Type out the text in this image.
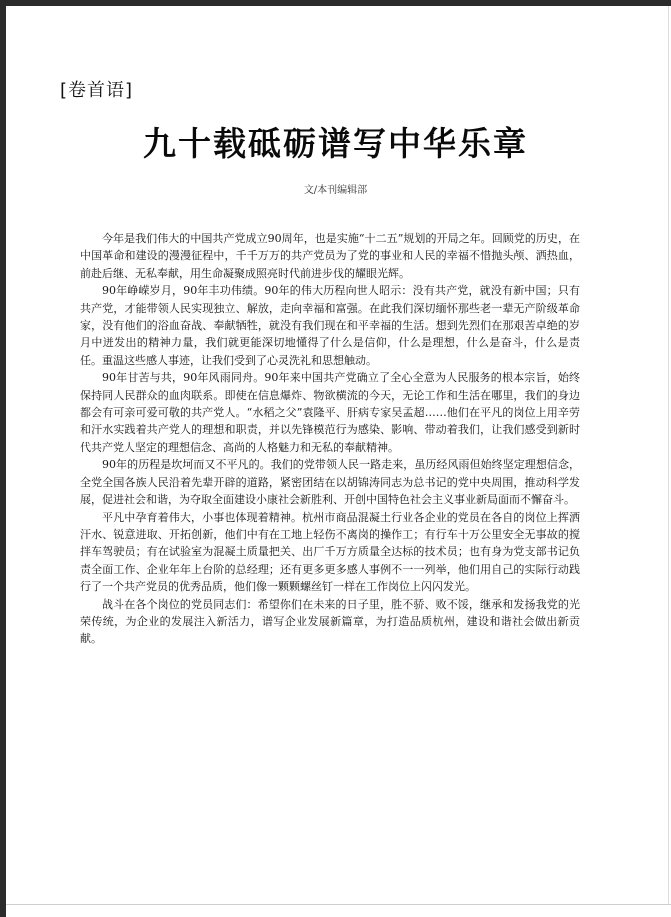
[卷首语]
九十载砥砺谱写中华乐章
文/本刊编辑部

今年是我们伟大的中国共产党成立90周年，也是实施“十二五”规划的开局之年。回顾党的历史，在中国革命和建设的漫漫征程中，千千万万的共产党员为了党的事业和人民的幸福不惜抛头颅、洒热血，前赴后继、无私奉献，用生命凝聚成照亮时代前进步伐的耀眼光辉。

90年峥嵘岁月，90年丰功伟绩。90年的伟大历程向世人昭示：没有共产党，就没有新中国；只有共产党，才能带领人民实现独立、解放，走向幸福和富强。在此我们深切缅怀那些老一辈无产阶级革命家，没有他们的浴血奋战、奉献牺牲，就没有我们现在和平幸福的生活。想到先烈们在那艰苦卓绝的岁月中迸发出的精神力量，我们就更能深切地懂得了什么是信仰，什么是理想，什么是奋斗，什么是责任。重温这些感人事迹，让我们受到了心灵洗礼和思想触动。

90年甘苦与共，90年风雨同舟。90年来中国共产党确立了全心全意为人民服务的根本宗旨，始终保持同人民群众的血肉联系。即使在信息爆炸、物欲横流的今天，无论工作和生活在哪里，我们的身边都会有可亲可爱可敬的共产党人。“水稻之父”袁隆平、肝病专家吴孟超……他们在平凡的岗位上用辛劳和汗水实践着共产党人的理想和职责，并以先锋模范行为感染、影响、带动着我们，让我们感受到新时代共产党人坚定的理想信念、高尚的人格魅力和无私的奉献精神。

90年的历程是坎坷而又不平凡的。我们的党带领人民一路走来，虽历经风雨但始终坚定理想信念，全党全国各族人民沿着先辈开辟的道路，紧密团结在以胡锦涛同志为总书记的党中央周围，推动科学发展，促进社会和谐，为夺取全面建设小康社会新胜利、开创中国特色社会主义事业新局面而不懈奋斗。

平凡中孕育着伟大，小事也体现着精神。杭州市商品混凝土行业各企业的党员在各自的岗位上挥洒汗水、锐意进取、开拓创新，他们中有在工地上轻伤不离岗的操作工；有行车十万公里安全无事故的搅拌车驾驶员；有在试验室为混凝土质量把关、出厂千万方质量全达标的技术员；也有身为党支部书记负责全面工作、企业年年上台阶的总经理；还有更多更多感人事例不一一列举，他们用自己的实际行动践行了一个共产党员的优秀品质，他们像一颗颗螺丝钉一样在工作岗位上闪闪发光。

战斗在各个岗位的党员同志们：希望你们在未来的日子里，胜不骄、败不馁，继承和发扬我党的光荣传统，为企业的发展注入新活力，谱写企业发展新篇章，为打造品质杭州，建设和谐社会做出新贡献。
